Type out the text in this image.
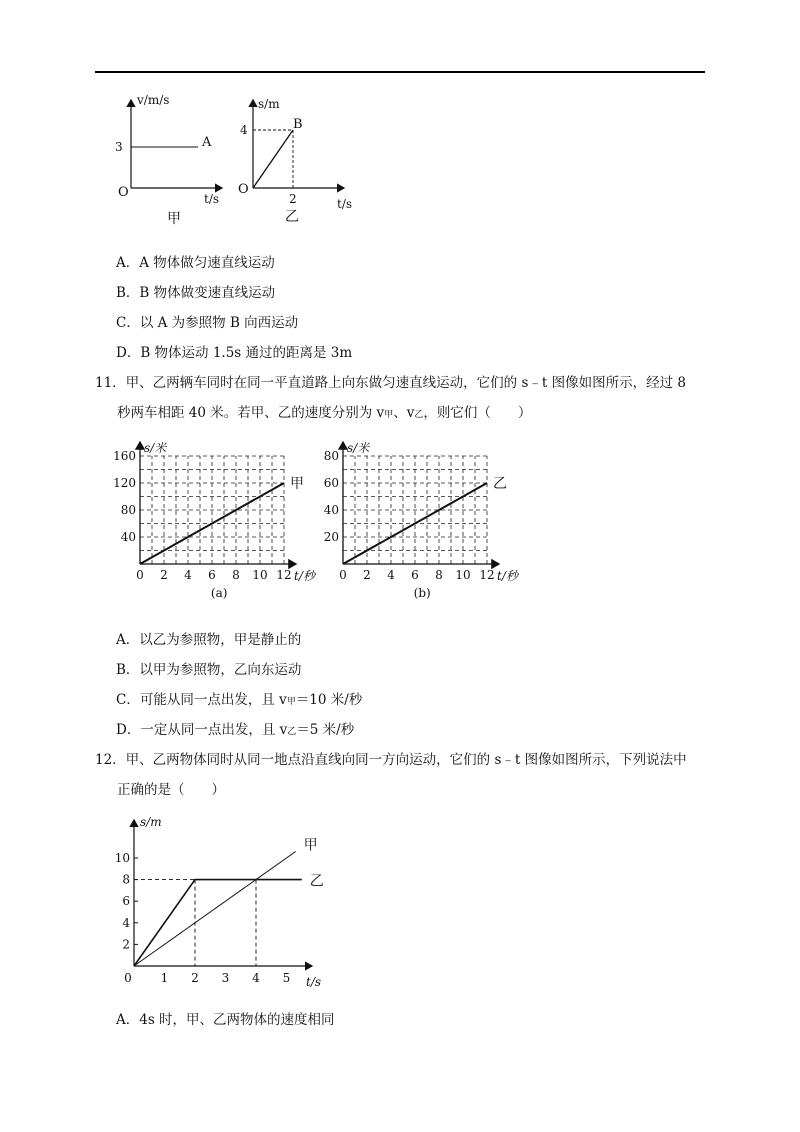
v/m/s
3
O
A
t/s
甲
s/m
4
2
O
B
t/s
乙
0 2 4 6 8 10 12
40
80
120
160
s/米
t/秒
(a)
甲
0 2 4 6 8 10 12
20
40
60
80
s/米
t/秒
(b)
乙
0 1 2 3 4 5
2
4
6
8
10
s/m
t/s
甲
乙
A．A 物体做匀速直线运动
B．B 物体做变速直线运动
C．以 A 为参照物 B 向西运动
D．B 物体运动 1.5s 通过的距离是 3m
11．甲、乙两辆车同时在同一平直道路上向东做匀速直线运动，它们的 s﹣t 图像如图所示，经过 8
秒两车相距 40 米。若甲、乙的速度分别为 v甲、v乙，则它们（　　）
A．以乙为参照物，甲是静止的
B．以甲为参照物，乙向东运动
C．可能从同一点出发，且 v甲＝10 米/秒
D．一定从同一点出发，且 v乙＝5 米/秒
12．甲、乙两物体同时从同一地点沿直线向同一方向运动，它们的 s﹣t 图像如图所示，下列说法中
正确的是（　　）
A．4s 时，甲、乙两物体的速度相同
